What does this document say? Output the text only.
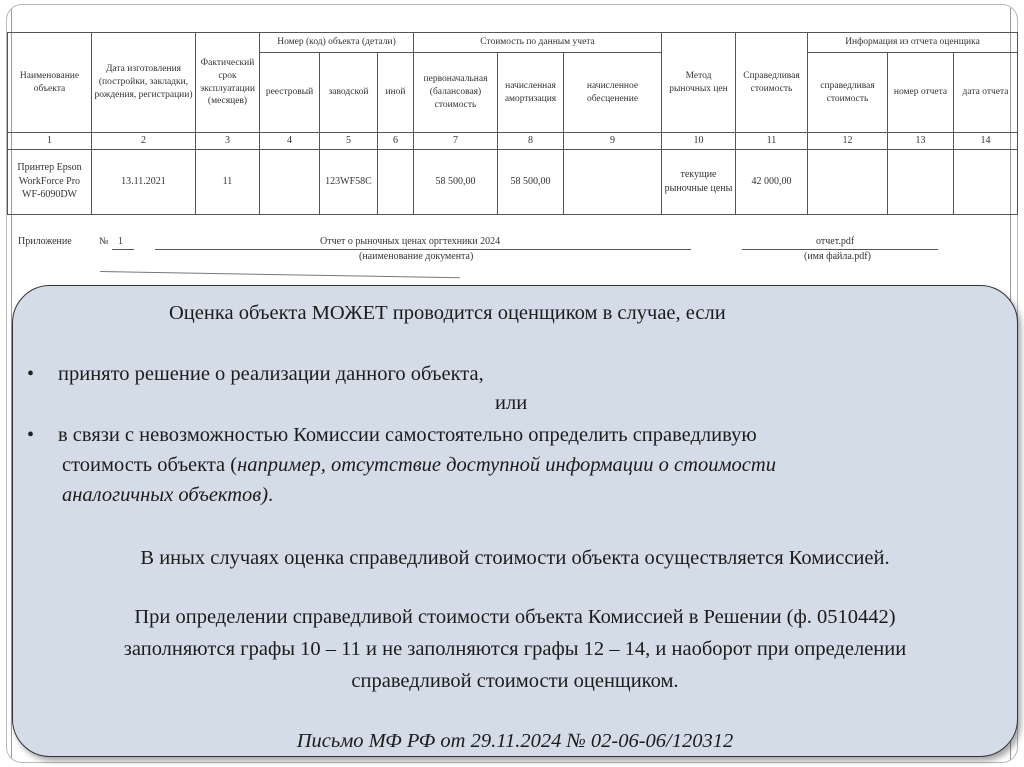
Наименование объекта	Дата изготовления (постройки, закладки, рождения, регистрации)	Фактический срок эксплуатации (месяцев)	Номер (код) объекта (детали)			Стоимость по данным учета			Метод рыночных цен	Справедливая стоимость	Информация из отчета оценщика		
			реестровый	заводской	иной	первоначальная (балансовая) стоимость	начисленная амортизация	начисленное обесценение			справедливая стоимость	номер отчета	дата отчета
1	2	3	4	5	6	7	8	9	10	11	12	13	14
Принтер Epson WorkForce Pro WF-6090DW	13.11.2021	11		123WF58C		58 500,00	58 500,00		текущие рыночные цены	42 000,00			
Приложение	№ 1	Отчет о рыночных ценах оргтехники 2024
(наименование документа)
отчет.pdf
(имя файла.pdf)
Оценка объекта МОЖЕТ проводится оценщиком в случае, если
• принято решение о реализации данного объекта,
или
• в связи с невозможностью Комиссии самостоятельно определить справедливую
стоимость объекта (например, отсутствие доступной информации о стоимости
аналогичных объектов).
В иных случаях оценка справедливой стоимости объекта осуществляется Комиссией.
При определении справедливой стоимости объекта Комиссией в Решении (ф. 0510442)
заполняются графы 10 – 11 и не заполняются графы 12 – 14, и наоборот при определении
справедливой стоимости оценщиком.
Письмо МФ РФ от 29.11.2024 № 02-06-06/120312
